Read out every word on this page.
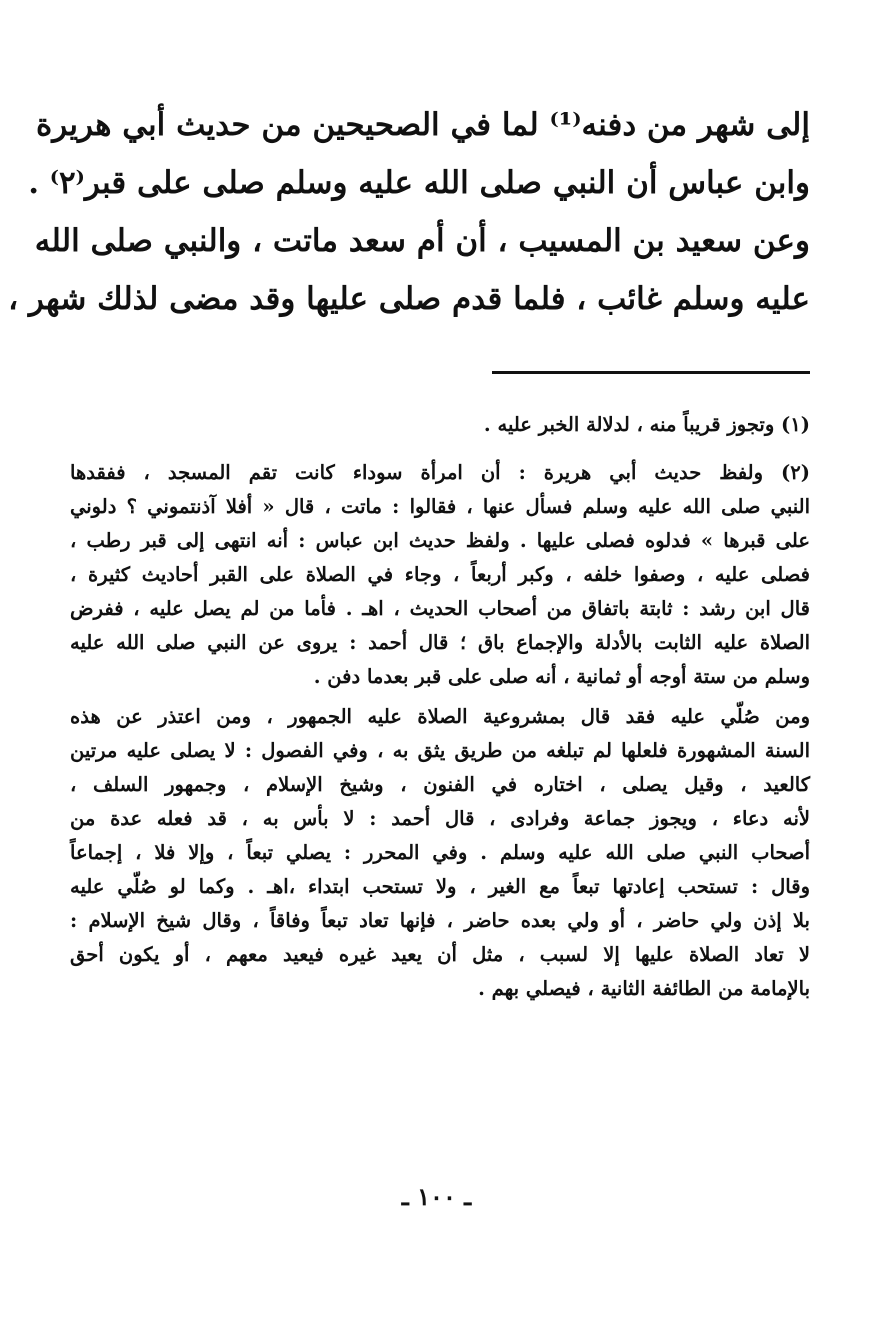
إلى شهر من دفنه⁽¹⁾ لما في الصحيحين من حديث أبي هريرة
وابن عباس أن النبي صلى الله عليه وسلم صلى على قبر⁽٢⁾ .
وعن سعيد بن المسيب ، أن أم سعد ماتت ، والنبي صلى الله
عليه وسلم غائب ، فلما قدم صلى عليها وقد مضى لذلك شهر ،
(١) وتجوز قريباً منه ، لدلالة الخبر عليه .
(٢) ولفظ حديث أبي هريرة : أن امرأة سوداء كانت تقم المسجد ، ففقدها
النبي صلى الله عليه وسلم فسأل عنها ، فقالوا : ماتت ، قال « أفلا آذنتموني ؟ دلوني
على قبرها » فدلوه فصلى عليها . ولفظ حديث ابن عباس : أنه انتهى إلى قبر رطب ،
فصلى عليه ، وصفوا خلفه ، وكبر أربعاً ، وجاء في الصلاة على القبر أحاديث كثيرة ،
قال ابن رشد : ثابتة باتفاق من أصحاب الحديث ، اهـ . فأما من لم يصل عليه ، ففرض
الصلاة عليه الثابت بالأدلة والإجماع باق ؛ قال أحمد : يروى عن النبي صلى الله عليه
وسلم من ستة أوجه أو ثمانية ، أنه صلى على قبر بعدما دفن .
ومن صُلّي عليه فقد قال بمشروعية الصلاة عليه الجمهور ، ومن اعتذر عن هذه
السنة المشهورة فلعلها لم تبلغه من طريق يثق به ، وفي الفصول : لا يصلى عليه مرتين
كالعيد ، وقيل يصلى ، اختاره في الفنون ، وشيخ الإسلام ، وجمهور السلف ،
لأنه دعاء ، ويجوز جماعة وفرادى ، قال أحمد : لا بأس به ، قد فعله عدة من
أصحاب النبي صلى الله عليه وسلم . وفي المحرر : يصلي تبعاً ، وإلا فلا ، إجماعاً
وقال : تستحب إعادتها تبعاً مع الغير ، ولا تستحب ابتداء ،اهـ . وكما لو صُلّي عليه
بلا إذن ولي حاضر ، أو ولي بعده حاضر ، فإنها تعاد تبعاً وفاقاً ، وقال شيخ الإسلام :
لا تعاد الصلاة عليها إلا لسبب ، مثل أن يعيد غيره فيعيد معهم ، أو يكون أحق
بالإمامة من الطائفة الثانية ، فيصلي بهم .
ـ ١٠٠ ـ
